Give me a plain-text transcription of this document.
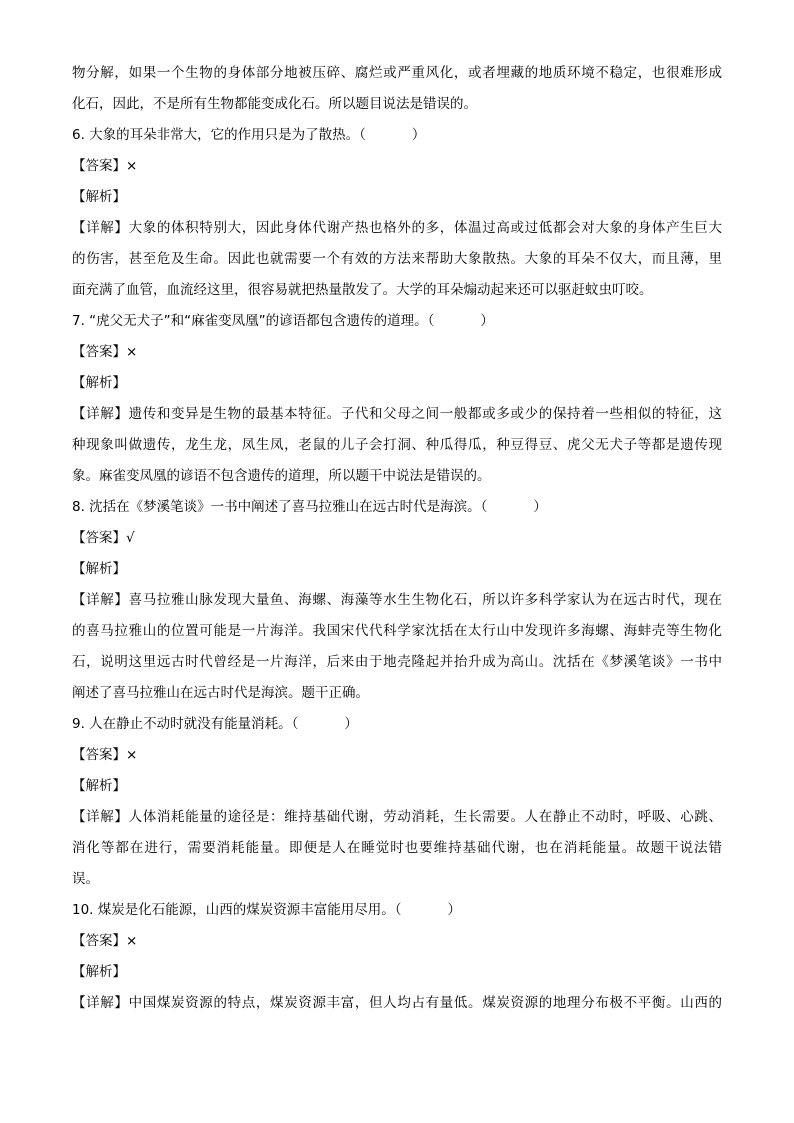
物分解，如果一个生物的身体部分地被压碎、腐烂或严重风化，或者埋藏的地质环境不稳定，也很难形成
化石，因此，不是所有生物都能变成化石。所以题目说法是错误的。
6. 大象的耳朵非常大，它的作用只是为了散热。（	）
【答案】×
【解析】
【详解】大象的体积特别大，因此身体代谢产热也格外的多，体温过高或过低都会对大象的身体产生巨大
的伤害，甚至危及生命。因此也就需要一个有效的方法来帮助大象散热。大象的耳朵不仅大，而且薄，里
面充满了血管，血流经这里，很容易就把热量散发了。大学的耳朵煽动起来还可以驱赶蚊虫叮咬。
7. “虎父无犬子”和“麻雀变凤凰”的谚语都包含遗传的道理。（	）
【答案】×
【解析】
【详解】遗传和变异是生物的最基本特征。子代和父母之间一般都或多或少的保持着一些相似的特征，这
种现象叫做遗传，龙生龙，凤生凤，老鼠的儿子会打洞、种瓜得瓜，种豆得豆、虎父无犬子等都是遗传现
象。麻雀变凤凰的谚语不包含遗传的道理，所以题干中说法是错误的。
8. 沈括在《梦溪笔谈》一书中阐述了喜马拉雅山在远古时代是海滨。（	）
【答案】√
【解析】
【详解】喜马拉雅山脉发现大量鱼、海螺、海藻等水生生物化石，所以许多科学家认为在远古时代，现在
的喜马拉雅山的位置可能是一片海洋。我国宋代代科学家沈括在太行山中发现许多海螺、海蚌壳等生物化
石，说明这里远古时代曾经是一片海洋，后来由于地壳隆起并抬升成为高山。沈括在《梦溪笔谈》一书中
阐述了喜马拉雅山在远古时代是海滨。题干正确。
9. 人在静止不动时就没有能量消耗。（	）
【答案】×
【解析】
【详解】人体消耗能量的途径是：维持基础代谢，劳动消耗，生长需要。人在静止不动时，呼吸、心跳、
消化等都在进行，需要消耗能量。即便是人在睡觉时也要维持基础代谢，也在消耗能量。故题干说法错
误。
10. 煤炭是化石能源，山西的煤炭资源丰富能用尽用。（	）
【答案】×
【解析】
【详解】中国煤炭资源的特点，煤炭资源丰富，但人均占有量低。煤炭资源的地理分布极不平衡。山西的
